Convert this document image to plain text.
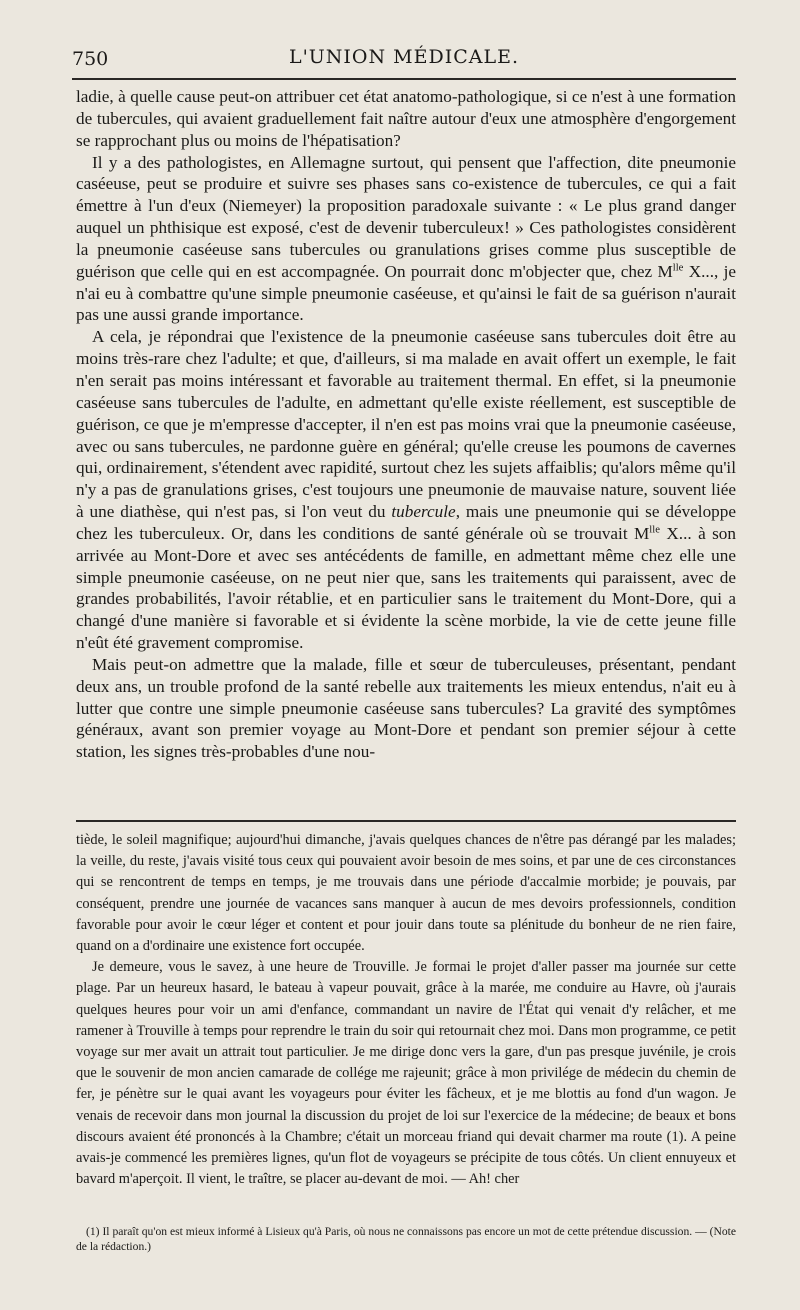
750	L'UNION MÉDICALE.

ladie, à quelle cause peut-on attribuer cet état anatomo-pathologique, si ce n'est à une formation de tubercules, qui avaient graduellement fait naître autour d'eux une atmosphère d'engorgement se rapprochant plus ou moins de l'hépatisation?

Il y a des pathologistes, en Allemagne surtout, qui pensent que l'affection, dite pneumonie caséeuse, peut se produire et suivre ses phases sans co-existence de tubercules, ce qui a fait émettre à l'un d'eux (Niemeyer) la proposition paradoxale suivante : « Le plus grand danger auquel un phthisique est exposé, c'est de devenir tuberculeux! » Ces pathologistes considèrent la pneumonie caséeuse sans tubercules ou granulations grises comme plus susceptible de guérison que celle qui en est accompagnée. On pourrait donc m'objecter que, chez $M^{lle}$ X..., je n'ai eu à combattre qu'une simple pneumonie caséeuse, et qu'ainsi le fait de sa guérison n'aurait pas une aussi grande importance.

A cela, je répondrai que l'existence de la pneumonie caséeuse sans tubercules doit être au moins très-rare chez l'adulte; et que, d'ailleurs, si ma malade en avait offert un exemple, le fait n'en serait pas moins intéressant et favorable au traitement thermal. En effet, si la pneumonie caséeuse sans tubercules de l'adulte, en admettant qu'elle existe réellement, est susceptible de guérison, ce que je m'empresse d'accepter, il n'en est pas moins vrai que la pneumonie caséeuse, avec ou sans tubercules, ne pardonne guère en général; qu'elle creuse les poumons de cavernes qui, ordinairement, s'étendent avec rapidité, surtout chez les sujets affaiblis; qu'alors même qu'il n'y a pas de granulations grises, c'est toujours une pneumonie de mauvaise nature, souvent liée à une diathèse, qui n'est pas, si l'on veut du tubercule, mais une pneumonie qui se développe chez les tuberculeux. Or, dans les conditions de santé générale où se trouvait $M^{lle}$ X... à son arrivée au Mont-Dore et avec ses antécédents de famille, en admettant même chez elle une simple pneumonie caséeuse, on ne peut nier que, sans les traitements qui paraissent, avec de grandes probabilités, l'avoir rétablie, et en particulier sans le traitement du Mont-Dore, qui a changé d'une manière si favorable et si évidente la scène morbide, la vie de cette jeune fille n'eût été gravement compromise.

Mais peut-on admettre que la malade, fille et sœur de tuberculeuses, présentant, pendant deux ans, un trouble profond de la santé rebelle aux traitements les mieux entendus, n'ait eu à lutter que contre une simple pneumonie caséeuse sans tubercules? La gravité des symptômes généraux, avant son premier voyage au Mont-Dore et pendant son premier séjour à cette station, les signes très-probables d'une nou-

tiède, le soleil magnifique; aujourd'hui dimanche, j'avais quelques chances de n'être pas dérangé par les malades; la veille, du reste, j'avais visité tous ceux qui pouvaient avoir besoin de mes soins, et par une de ces circonstances qui se rencontrent de temps en temps, je me trouvais dans une période d'accalmie morbide; je pouvais, par conséquent, prendre une journée de vacances sans manquer à aucun de mes devoirs professionnels, condition favorable pour avoir le cœur léger et content et pour jouir dans toute sa plénitude du bonheur de ne rien faire, quand on a d'ordinaire une existence fort occupée.

Je demeure, vous le savez, à une heure de Trouville. Je formai le projet d'aller passer ma journée sur cette plage. Par un heureux hasard, le bateau à vapeur pouvait, grâce à la marée, me conduire au Havre, où j'aurais quelques heures pour voir un ami d'enfance, commandant un navire de l'État qui venait d'y relâcher, et me ramener à Trouville à temps pour reprendre le train du soir qui retournait chez moi. Dans mon programme, ce petit voyage sur mer avait un attrait tout particulier. Je me dirige donc vers la gare, d'un pas presque juvénile, je crois que le souvenir de mon ancien camarade de collége me rajeunit; grâce à mon privilége de médecin du chemin de fer, je pénètre sur le quai avant les voyageurs pour éviter les fâcheux, et je me blottis au fond d'un wagon. Je venais de recevoir dans mon journal la discussion du projet de loi sur l'exercice de la médecine; de beaux et bons discours avaient été prononcés à la Chambre; c'était un morceau friand qui devait charmer ma route (1). A peine avais-je commencé les premières lignes, qu'un flot de voyageurs se précipite de tous côtés. Un client ennuyeux et bavard m'aperçoit. Il vient, le traître, se placer au-devant de moi. — Ah! cher

(1) Il paraît qu'on est mieux informé à Lisieux qu'à Paris, où nous ne connaissons pas encore un mot de cette prétendue discussion. — (Note de la rédaction.)
